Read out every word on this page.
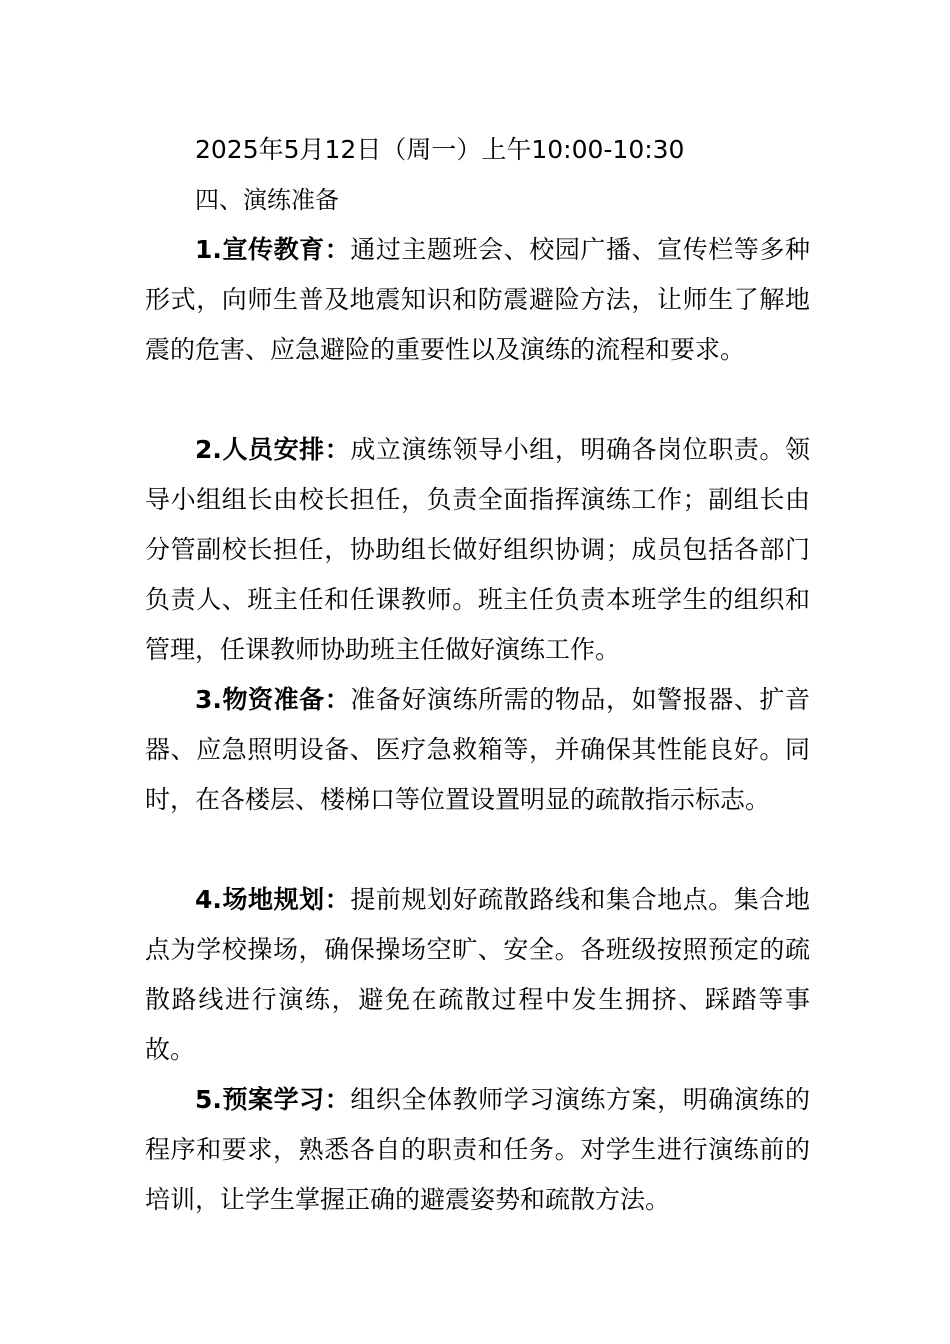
2025年5月12日（周一）上午10:00-10:30
四、演练准备
1.宣传教育：通过主题班会、校园广播、宣传栏等多种形式，向师生普及地震知识和防震避险方法，让师生了解地震的危害、应急避险的重要性以及演练的流程和要求。
2.人员安排：成立演练领导小组，明确各岗位职责。领导小组组长由校长担任，负责全面指挥演练工作；副组长由分管副校长担任，协助组长做好组织协调；成员包括各部门负责人、班主任和任课教师。班主任负责本班学生的组织和管理，任课教师协助班主任做好演练工作。
3.物资准备：准备好演练所需的物品，如警报器、扩音器、应急照明设备、医疗急救箱等，并确保其性能良好。同时，在各楼层、楼梯口等位置设置明显的疏散指示标志。
4.场地规划：提前规划好疏散路线和集合地点。集合地点为学校操场，确保操场空旷、安全。各班级按照预定的疏散路线进行演练，避免在疏散过程中发生拥挤、踩踏等事故。
5.预案学习：组织全体教师学习演练方案，明确演练的程序和要求，熟悉各自的职责和任务。对学生进行演练前的培训，让学生掌握正确的避震姿势和疏散方法。
